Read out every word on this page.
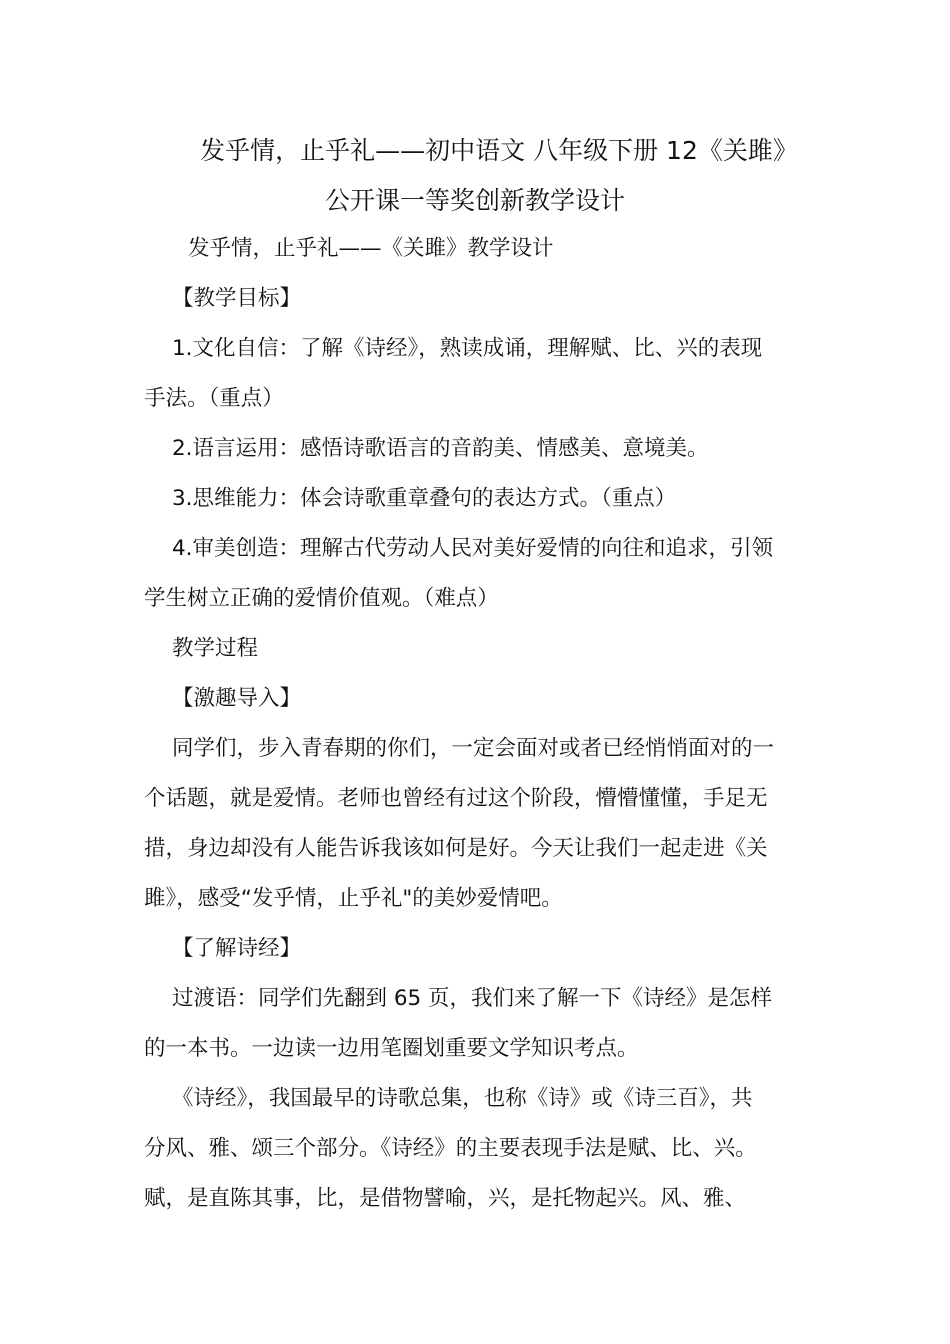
发乎情，止乎礼——初中语文 八年级下册 12《关雎》
公开课一等奖创新教学设计
发乎情，止乎礼——《关雎》教学设计
【教学目标】
1.文化自信：了解《诗经》，熟读成诵，理解赋、比、兴的表现
手法。（重点）
2.语言运用：感悟诗歌语言的音韵美、情感美、意境美。
3.思维能力：体会诗歌重章叠句的表达方式。（重点）
4.审美创造：理解古代劳动人民对美好爱情的向往和追求，引领
学生树立正确的爱情价值观。（难点）
教学过程
【激趣导入】
同学们，步入青春期的你们，一定会面对或者已经悄悄面对的一
个话题，就是爱情。老师也曾经有过这个阶段，懵懵懂懂，手足无
措，身边却没有人能告诉我该如何是好。今天让我们一起走进《关
雎》，感受“发乎情，止乎礼"的美妙爱情吧。
【了解诗经】
过渡语：同学们先翻到 65 页，我们来了解一下《诗经》是怎样
的一本书。一边读一边用笔圈划重要文学知识考点。
《诗经》，我国最早的诗歌总集，也称《诗》或《诗三百》，共
分风、雅、颂三个部分。《诗经》的主要表现手法是赋、比、兴。
赋，是直陈其事，比，是借物譬喻，兴，是托物起兴。风、雅、
